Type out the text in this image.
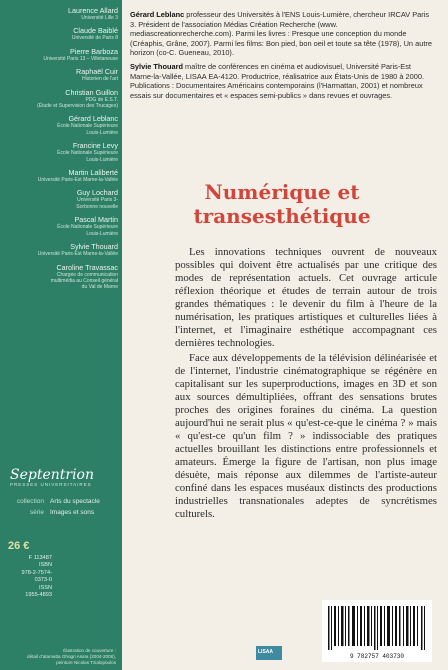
Laurence Allard
Université Lille 3
Claude Baiblé
Université de Paris 8
Pierre Barboza
Université Paris 13 – Villetaneuse
Raphaël Cuir
Historien de l'art
Christian Guillon
PDG de E.S.T.
(Étude et Supervision des Trucages)
Gérard Leblanc
École Nationale Supérieure
Louis-Lumière
Francine Levy
École Nationale Supérieure
Louis-Lumière
Martin Laliberté
Université Paris-Est Marne-la-Vallée
Guy Lochard
Université Paris 3-
Sorbonne nouvelle
Pascal Martin
École Nationale Supérieure
Louis-Lumière
Sylvie Thouard
Université Paris-Est Marne-la-Vallée
Caroline Travassac
Chargée de communication
multimédia au Conseil général
du Val de Marne
Septentrion
PRESSES UNIVERSITAIRES
collection Arts du spectacle
série Images et sons
26 €
F 113487
ISBN
978-2-7574-0373-0
ISSN
1955-4893
Illustration de couverture :
détail d'atamatta Ghogri Asaïa (2004-2008),
peinture Nicolas Tzialopoulos

Gérard Leblanc professeur des Universités à l'ENS Louis-Lumière, chercheur IRCAV Paris 3. Président de l'association Médias Création Recherche (www. mediascreationrecherche.com). Parmi les livres : Presque une conception du monde (Créaphis, Grâne, 2007). Parmi les films: Bon pied, bon oeil et toute sa tête (1978), Un autre horizon (co-C. Gueneau, 2010).

Sylvie Thouard maître de conférences en cinéma et audiovisuel, Université Paris-Est Marne-la-Vallée, LISAA EA-4120. Productrice, réalisatrice aux États-Unis de 1980 à 2000. Publications : Documentaires Américains contemporains (l'Harmattan, 2001) et nombreux essais sur documentaires et « espaces semi-publics » dans revues et ouvrages.

Numérique et
transesthétique

Les innovations techniques ouvrent de nouveaux possibles qui doivent être actualisés par une critique des modes de représentation actuels. Cet ouvrage articule réflexion théorique et études de terrain autour de trois grandes thématiques : le devenir du film à l'heure de la numérisation, les pratiques artistiques et culturelles liées à l'internet, et l'imaginaire esthétique accompagnant ces dernières technologies.

Face aux développements de la télévision délinéarisée et de l'internet, l'industrie cinématographique se régénère en capitalisant sur les superproductions, images en 3D et son aux sources démultipliées, offrant des sensations brutes proches des origines foraines du cinéma. La question aujourd'hui ne serait plus « qu'est-ce-que le cinéma ? » mais « qu'est-ce qu'un film ? » indissociable des pratiques actuelles brouillant les distinctions entre professionnels et amateurs. Émerge la figure de l'artisan, non plus image désuète, mais réponse aux dilemmes de l'artiste-auteur confiné dans les espaces muséaux distincts des productions industrielles transnationales adeptes de syncrétismes culturels.

LISAA
9 782757 403730
